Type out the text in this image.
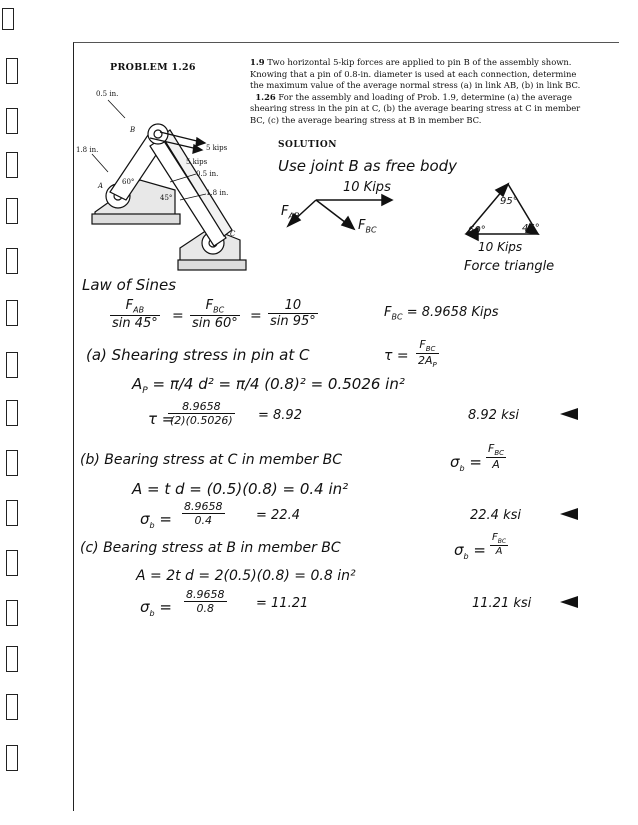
PROBLEM 1.26	1.9 Two horizontal 5-kip forces are applied to pin B of the assembly shown. Knowing that a pin of 0.8-in. diameter is used at each connection, determine the maximum value of the average normal stress (a) in link AB, (b) in link BC.
1.26 For the assembly and loading of Prob. 1.9, determine (a) the average shearing stress in the pin at C, (b) the average bearing stress at C in member BC, (c) the average bearing stress at B in member BC.
0.5 in.
1.8 in.
B
A
C
5 kips
5 kips
0.5 in.
1.8 in.
60°
45°
SOLUTION
Use joint B as free body
10 Kips
$F_{AB}$
$F_{BC}$
95°
60°	45°
10 Kips
Force triangle
Law of Sines
$F_{AB}$
sin 45° =
$F_{BC}$
$\sin 60^\circ = \frac{10}{\sin 95^\circ}$	$F_{BC} = 8.9658$ Kips
(a) Shearing stress in pin at C	τ =
$F_{BC}$
$2A_P$
$A_P = \pi/4$ d² = π/4 (0.8)² = 0.5026 in²
τ =
$\frac{8.9658}{(2)(0.5026)} = 8.92$	8.92 ksi
(b) Bearing stress at C in member BC	$\sigma_b$ =
$F_{BC}$
A
A = t d = (0.5)(0.8) = 0.4 in²
$\sigma_b = \frac{8.9658}{0.4} = 22.4$	22.4 ksi
(c) Bearing stress at B in member BC	$\sigma_b$ =
$F_{BC}$
A
A = 2t d = 2(0.5)(0.8) = 0.8 in²
$\sigma_b = \frac{8.9658}{0.8} = 11.21$	11.21 ksi
